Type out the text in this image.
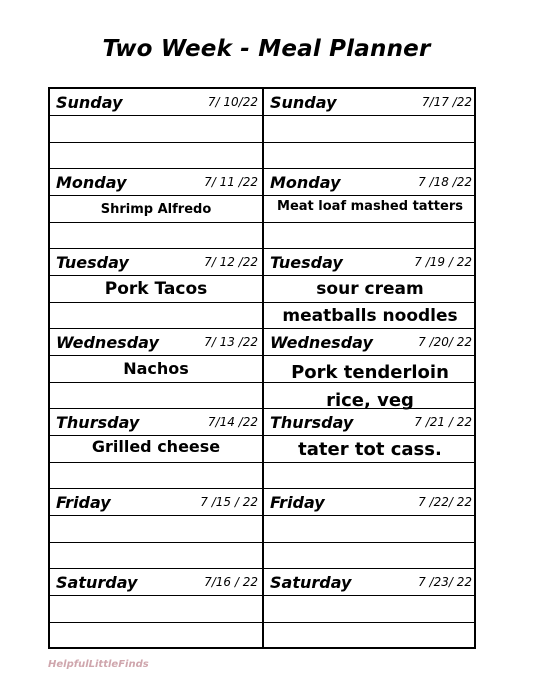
Two Week - Meal Planner
Sunday	7/ 10/22
Monday	7/ 11 /22
Shrimp Alfredo
Tuesday	7/ 12 /22
Pork Tacos
Wednesday	7/ 13 /22
Nachos
Thursday	7/14 /22
Grilled cheese
Friday	7 /15 / 22
Saturday	7/16 / 22
Sunday	7/17 /22
Monday	7 /18 /22
Meat loaf mashed tatters
Tuesday	7 /19 / 22
sour cream
meatballs noodles
Wednesday	7 /20/ 22
Pork tenderloin
rice, veg
Thursday	7 /21 / 22
tater tot cass.
Friday	7 /22/ 22
Saturday	7 /23/ 22
HelpfulLittleFinds
